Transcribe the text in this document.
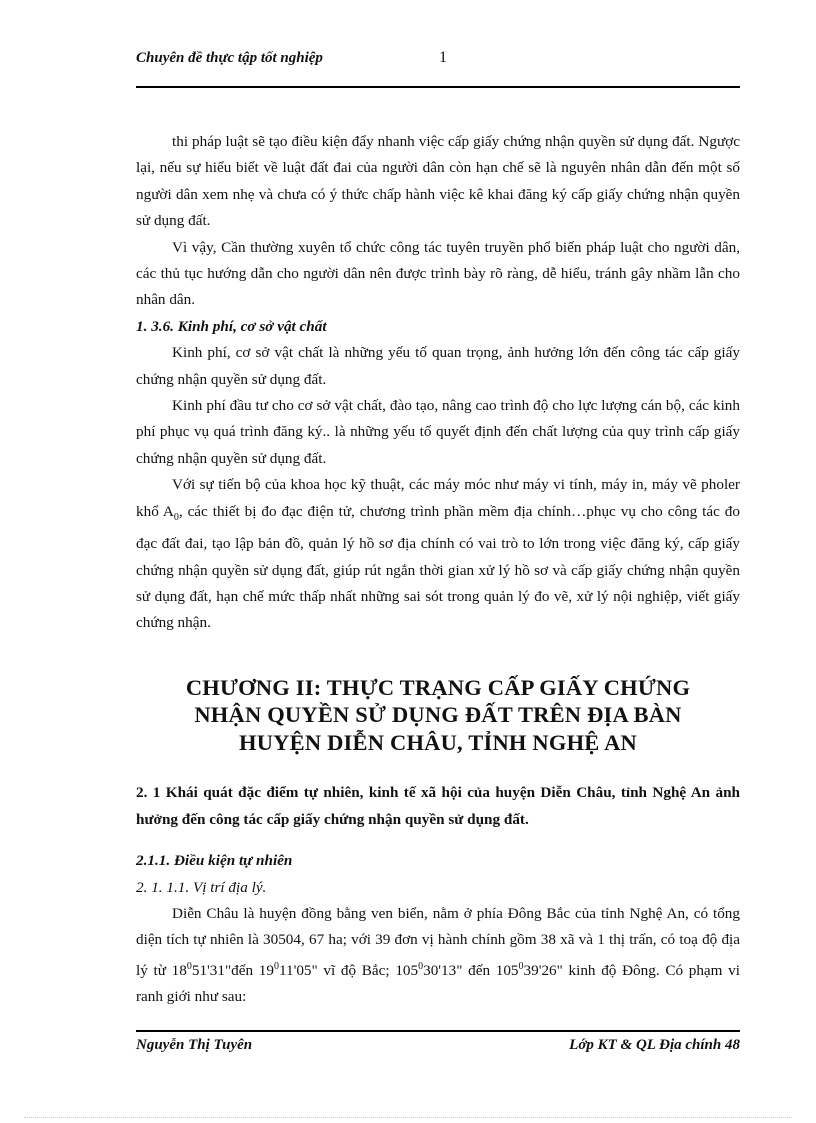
Chuyên đề thực tập tốt nghiệp	1

thi pháp luật sẽ tạo điều kiện đẩy nhanh việc cấp giấy chứng nhận quyền sử dụng đất. Ngược lại, nếu sự hiểu biết về luật đất đai của người dân còn hạn chế sẽ là nguyên nhân dẫn đến một số người dân xem nhẹ và chưa có ý thức chấp hành việc kê khai đăng ký cấp giấy chứng nhận quyền sử dụng đất.

Vì vậy, Cần thường xuyên tổ chức công tác tuyên truyền phổ biến pháp luật cho người dân, các thủ tục hướng dẫn cho người dân nên được trình bày rõ ràng, dễ hiểu, tránh gây nhầm lẫn cho nhân dân.

1. 3.6. Kinh phí, cơ sở vật chất

Kinh phí, cơ sở vật chất là những yếu tố quan trọng, ảnh hưởng lớn đến công tác cấp giấy chứng nhận quyền sử dụng đất.

Kinh phí đầu tư cho cơ sở vật chất, đào tạo, nâng cao trình độ cho lực lượng cán bộ, các kinh phí phục vụ quá trình đăng ký.. là những yếu tố quyết định đến chất lượng của quy trình cấp giấy chứng nhận quyền sử dụng đất.

Với sự tiến bộ của khoa học kỹ thuật, các máy móc như máy vi tính, máy in, máy vẽ pholer khổ $A_0$, các thiết bị đo đạc điện tử, chương trình phần mềm địa chính…phục vụ cho công tác đo đạc đất đai, tạo lập bản đồ, quản lý hồ sơ địa chính có vai trò to lớn trong việc đăng ký, cấp giấy chứng nhận quyền sử dụng đất, giúp rút ngắn thời gian xử lý hồ sơ và cấp giấy chứng nhận quyền sử dụng đất, hạn chế mức thấp nhất những sai sót trong quản lý đo vẽ, xử lý nội nghiệp, viết giấy chứng nhận.

CHƯƠNG II: THỰC TRẠNG CẤP GIẤY CHỨNG
NHẬN QUYỀN SỬ DỤNG ĐẤT TRÊN ĐỊA BÀN
HUYỆN DIỄN CHÂU, TỈNH NGHỆ AN

2. 1 Khái quát đặc điểm tự nhiên, kinh tế xã hội của huyện Diễn Châu, tỉnh Nghệ An ảnh hưởng đến công tác cấp giấy chứng nhận quyền sử dụng đất.

2.1.1. Điều kiện tự nhiên

2. 1. 1.1. Vị trí địa lý.

Diễn Châu là huyện đồng bằng ven biển, nằm ở phía Đông Bắc của tỉnh Nghệ An, có tổng diện tích tự nhiên là 30504, 67 ha; với 39 đơn vị hành chính gồm 38 xã và 1 thị trấn, có toạ độ địa lý từ $18^051'31"đến$ $19^011'05$" vĩ độ Bắc; $105^030'13$" đến $105^039'26$" kinh độ Đông. Có phạm vi ranh giới như sau:

Nguyễn Thị Tuyên	Lớp KT & QL Địa chính 48
